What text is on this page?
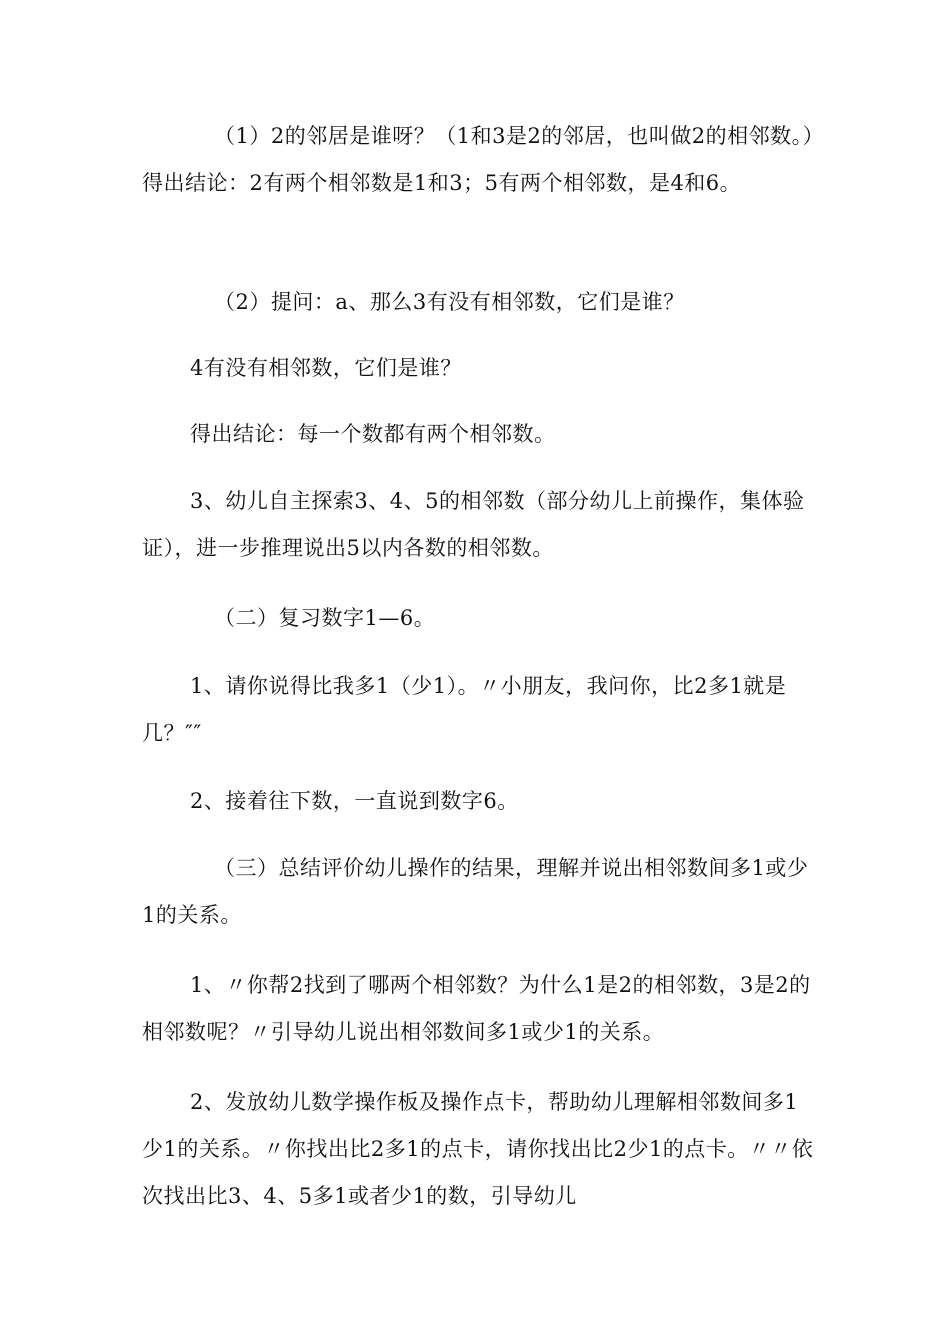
（1）2的邻居是谁呀？（1和3是2的邻居，也叫做2的相邻数。）得出结论：2有两个相邻数是1和3；5有两个相邻数，是4和6。

（2）提问：a、那么3有没有相邻数，它们是谁？

4有没有相邻数，它们是谁？

得出结论：每一个数都有两个相邻数。

3、幼儿自主探索3、4、5的相邻数（部分幼儿上前操作，集体验证），进一步推理说出5以内各数的相邻数。

（二）复习数字1—6。

1、请你说得比我多1（少1）。〃小朋友，我问你，比2多1就是几？″″

2、接着往下数，一直说到数字6。

（三）总结评价幼儿操作的结果，理解并说出相邻数间多1或少1的关系。

1、〃你帮2找到了哪两个相邻数？为什么1是2的相邻数，3是2的相邻数呢？〃引导幼儿说出相邻数间多1或少1的关系。

2、发放幼儿数学操作板及操作点卡，帮助幼儿理解相邻数间多1少1的关系。〃你找出比2多1的点卡，请你找出比2少1的点卡。〃〃依次找出比3、4、5多1或者少1的数，引导幼儿
